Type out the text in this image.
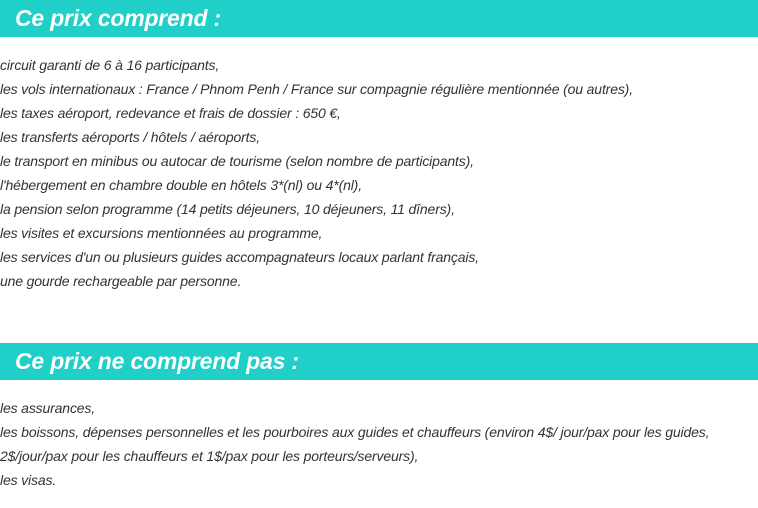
Ce prix comprend :
circuit garanti de 6 à 16 participants,
les vols internationaux : France / Phnom Penh / France sur compagnie régulière mentionnée (ou autres),
les taxes aéroport, redevance et frais de dossier : 650 €,
les transferts aéroports / hôtels / aéroports,
le transport en minibus ou autocar de tourisme (selon nombre de participants),
l'hébergement en chambre double en hôtels 3*(nl) ou 4*(nl),
la pension selon programme (14 petits déjeuners, 10 déjeuners, 11 dîners),
les visites et excursions mentionnées au programme,
les services d'un ou plusieurs guides accompagnateurs locaux parlant français,
une gourde rechargeable par personne.
Ce prix ne comprend pas :
les assurances,
les boissons, dépenses personnelles et les pourboires aux guides et chauffeurs (environ 4$/ jour/pax pour les guides,
2$/jour/pax pour les chauffeurs et 1$/pax pour les porteurs/serveurs),
les visas.
